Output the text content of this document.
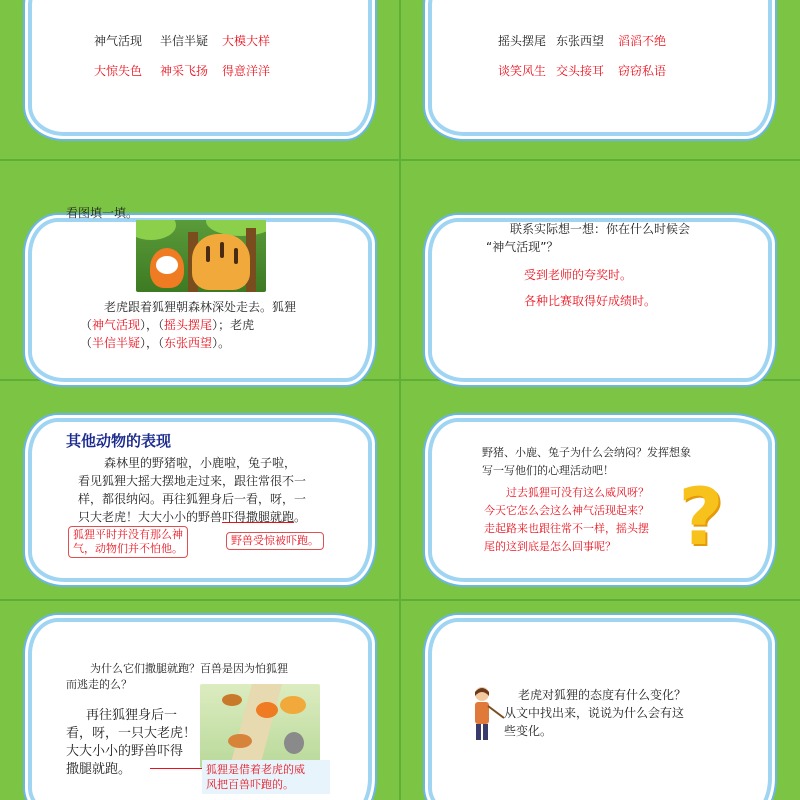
神气活现 半信半疑 大模大样
大惊失色 神采飞扬 得意洋洋
摇头摆尾 东张西望 滔滔不绝
谈笑风生 交头接耳 窃窃私语
看图填一填。
老虎跟着狐狸朝森林深处走去。狐狸
（神气活现），（摇头摆尾）；老虎
（半信半疑），（东张西望）。
联系实际想一想：你在什么时候会
“神气活现”？
受到老师的夸奖时。
各种比赛取得好成绩时。
其他动物的表现
森林里的野猪啦，小鹿啦，兔子啦，
看见狐狸大摇大摆地走过来，跟往常很不一
样，都很纳闷。再往狐狸身后一看，呀，一
只大老虎！大大小小的野兽吓得撒腿就跑。
狐狸平时并没有那么神
气，动物们并不怕他。
野兽受惊被吓跑。
野猪、小鹿、兔子为什么会纳闷？发挥想象
写一写他们的心理活动吧！
过去狐狸可没有这么威风呀？
今天它怎么会这么神气活现起来？
走起路来也跟往常不一样，摇头摆
尾的这到底是怎么回事呢？ ?
为什么它们撒腿就跑？百兽是因为怕狐狸
而逃走的么？
再往狐狸身后一
看，呀，一只大老虎！
大大小小的野兽吓得
撒腿就跑。	狐狸是借着老虎的威
风把百兽吓跑的。
老虎对狐狸的态度有什么变化？
从文中找出来，说说为什么会有这
些变化。
